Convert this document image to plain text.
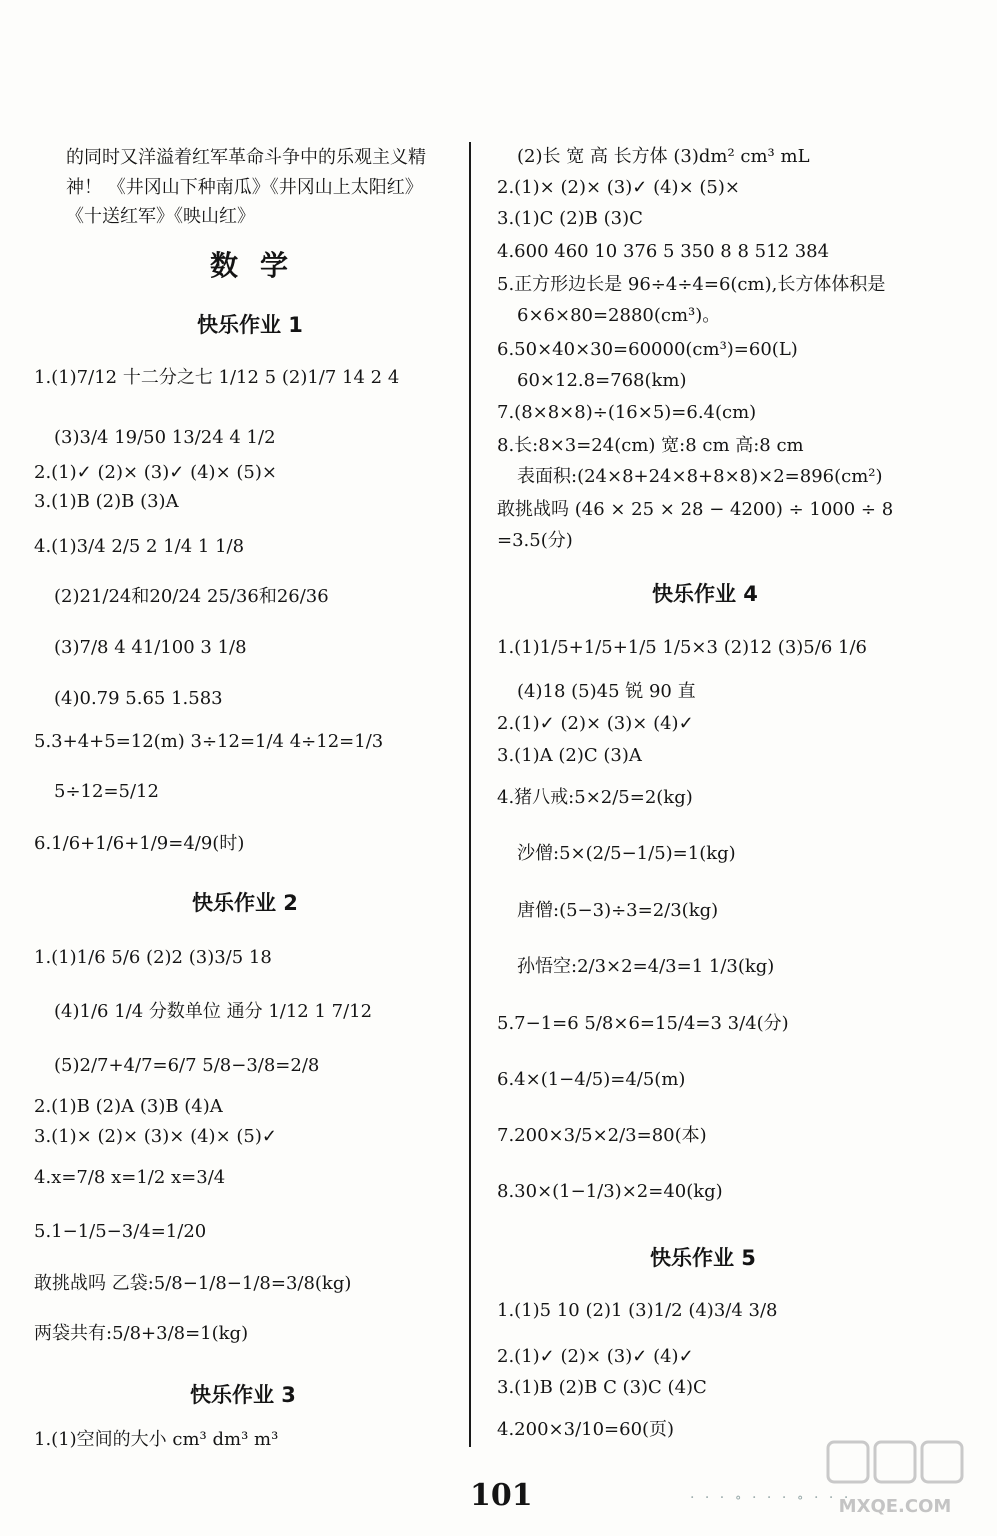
的同时又洋溢着红军革命斗争中的乐观主义精
神！ 《井冈山下种南瓜》《井冈山上太阳红》
《十送红军》《映山红》
数学
快乐作业 1
1.(1)7/12 十二分之七 1/12 5 (2)1/7 14 2 4
(3)3/4 19/50 13/24 4 1/2
2.(1)✓ (2)× (3)✓ (4)× (5)×
3.(1)B (2)B (3)A
4.(1)3/4 2/5 2 1/4 1 1/8
(2)21/24和20/24 25/36和26/36
(3)7/8 4 41/100 3 1/8
(4)0.79 5.65 1.583
5.3+4+5=12(m) 3÷12=1/4 4÷12=1/3
5÷12=5/12
6.1/6+1/6+1/9=4/9(时)
快乐作业 2
1.(1)1/6 5/6 (2)2 (3)3/5 18
(4)1/6 1/4 分数单位 通分 1/12 1 7/12
(5)2/7+4/7=6/7 5/8−3/8=2/8
2.(1)B (2)A (3)B (4)A
3.(1)× (2)× (3)× (4)× (5)✓
4.x=7/8 x=1/2 x=3/4
5.1−1/5−3/4=1/20
敢挑战吗 乙袋:5/8−1/8−1/8=3/8(kg)
两袋共有:5/8+3/8=1(kg)
快乐作业 3
1.(1)空间的大小 cm³ dm³ m³
(2)长 宽 高 长方体 (3)dm² cm³ mL
2.(1)× (2)× (3)✓ (4)× (5)×
3.(1)C (2)B (3)C
4.600 460 10 376 5 350 8 8 512 384
5.正方形边长是 96÷4÷4=6(cm),长方体体积是
6×6×80=2880(cm³)。
6.50×40×30=60000(cm³)=60(L)
60×12.8=768(km)
7.(8×8×8)÷(16×5)=6.4(cm)
8.长:8×3=24(cm) 宽:8 cm 高:8 cm
表面积:(24×8+24×8+8×8)×2=896(cm²)
敢挑战吗 (46 × 25 × 28 − 4200) ÷ 1000 ÷ 8
=3.5(分)
快乐作业 4
1.(1)1/5+1/5+1/5 1/5×3 (2)12 (3)5/6 1/6
(4)18 (5)45 锐 90 直
2.(1)✓ (2)× (3)× (4)✓
3.(1)A (2)C (3)A
4.猪八戒:5×2/5=2(kg)
沙僧:5×(2/5−1/5)=1(kg)
唐僧:(5−3)÷3=2/3(kg)
孙悟空:2/3×2=4/3=1 1/3(kg)
5.7−1=6 5/8×6=15/4=3 3/4(分)
6.4×(1−4/5)=4/5(m)
7.200×3/5×2/3=80(本)
8.30×(1−1/3)×2=40(kg)
快乐作业 5
1.(1)5 10 (2)1 (3)1/2 (4)3/4 3/8
2.(1)✓ (2)× (3)✓ (4)✓
3.(1)B (2)B C (3)C (4)C
4.200×3/10=60(页)
101	· · · ∘ · · · ∘ · · ·
MXQE.COM
